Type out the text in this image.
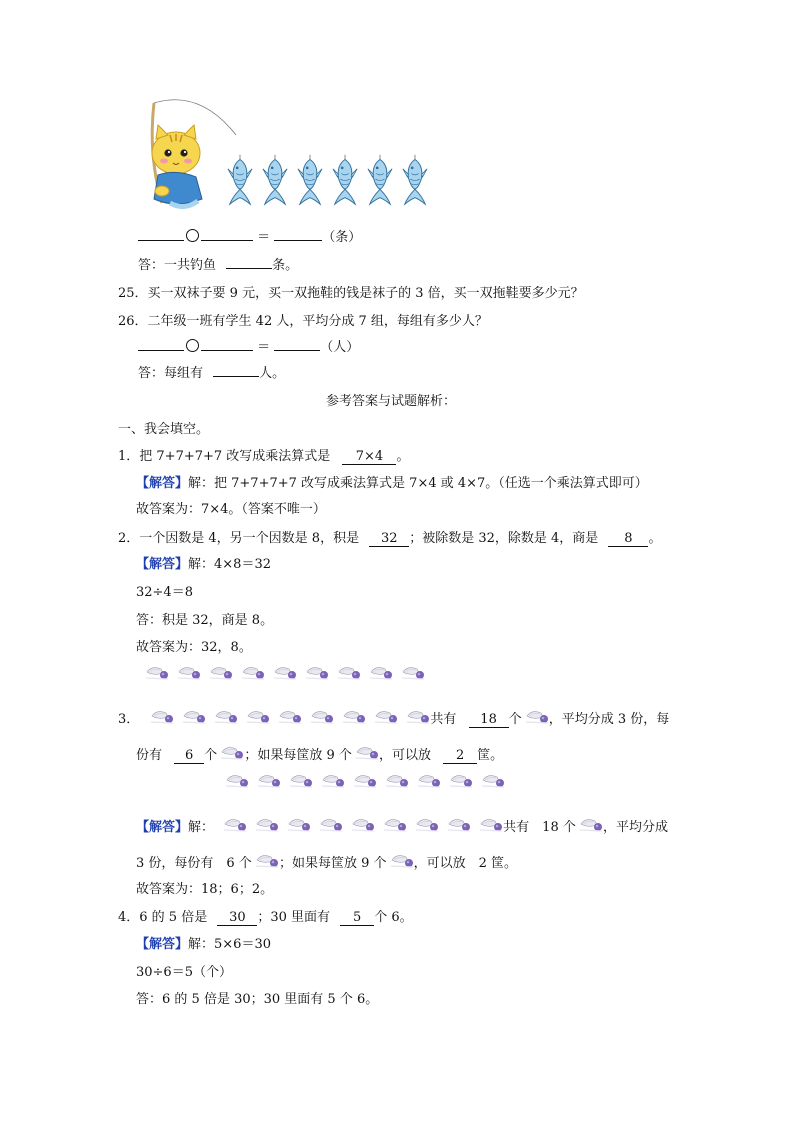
＝	（条）
答：一共钓鱼	条。
25．买一双袜子要 9 元，买一双拖鞋的钱是袜子的 3 倍，买一双拖鞋要多少元？
26．二年级一班有学生 42 人，平均分成 7 组，每组有多少人？
＝	（人）
答：每组有	人。
参考答案与试题解析：
一、我会填空。
1．把 7+7+7+7 改写成乘法算式是 7×4 。
【解答】解：把 7+7+7+7 改写成乘法算式是 7×4 或 4×7。（任选一个乘法算式即可）
故答案为：7×4。（答案不唯一）
2．一个因数是 4，另一个因数是 8，积是 32 ；被除数是 32，除数是 4，商是 8 。
【解答】解：4×8＝32
32÷4＝8
答：积是 32，商是 8。
故答案为：32，8。
3．	共有 18 个 ，平均分成 3 份，每
份有 6 个 ；如果每筐放 9 个 ，可以放 2 筐。
【解答】解：	共有　18 个 ，平均分成
3 份，每份有　6 个 ；如果每筐放 9 个 ，可以放　2 筐。
故答案为：18；6；2。
4．6 的 5 倍是 30 ；30 里面有 5 个 6。
【解答】解：5×6＝30
30÷6＝5（个）
答：6 的 5 倍是 30；30 里面有 5 个 6。
